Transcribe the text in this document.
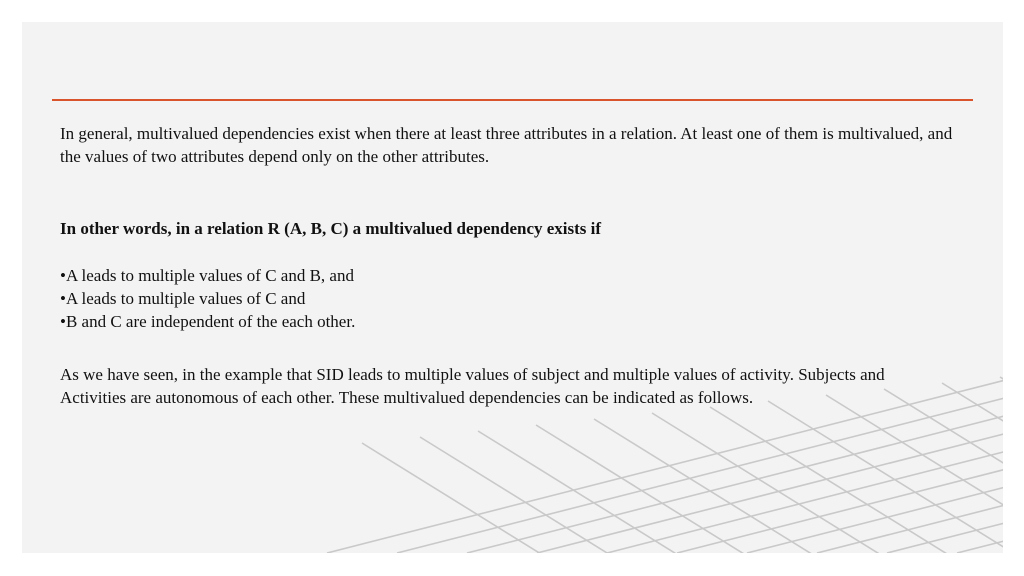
In general, multivalued dependencies exist when there at least three attributes in a relation. At least one of them is multivalued, and the values of two attributes depend only on the other attributes.
In other words, in a relation R (A, B, C) a multivalued dependency exists if
•A leads to multiple values of C and B, and
•A leads to multiple values of C and
•B and C are independent of the each other.
As we have seen, in the example that SID leads to multiple values of subject and multiple values of activity. Subjects and Activities are autonomous of each other. These multivalued dependencies can be indicated as follows.
